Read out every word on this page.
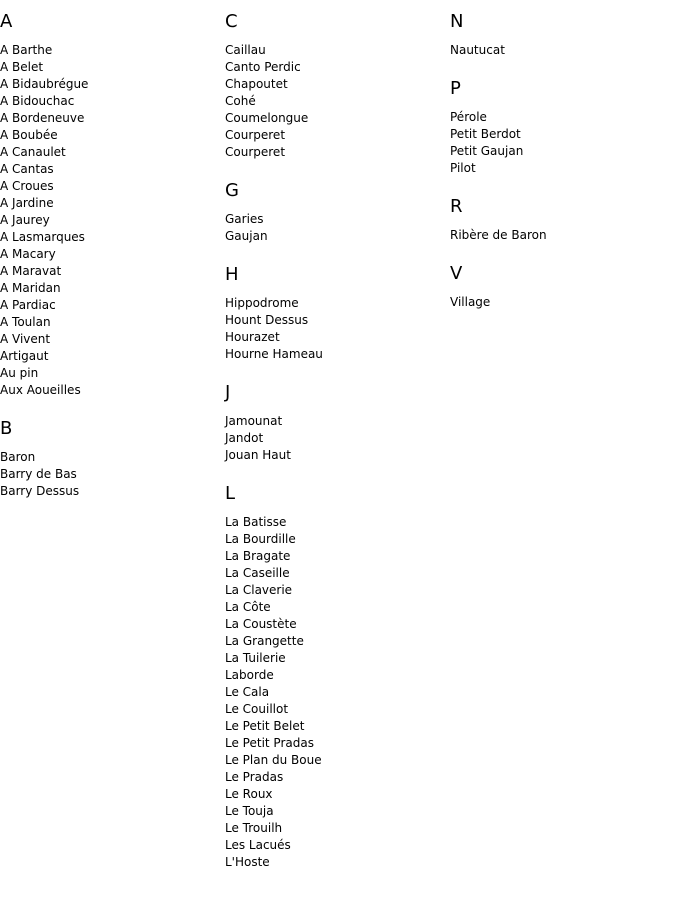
A
A Barthe
A Belet
A Bidaubrégue
A Bidouchac
A Bordeneuve
A Boubée
A Canaulet
A Cantas
A Croues
A Jardine
A Jaurey
A Lasmarques
A Macary
A Maravat
A Maridan
A Pardiac
A Toulan
A Vivent
Artigaut
Au pin
Aux Aoueilles
B
Baron
Barry de Bas
Barry Dessus
C
Caillau
Canto Perdic
Chapoutet
Cohé
Coumelongue
Courperet
Courperet
G
Garies
Gaujan
H
Hippodrome
Hount Dessus
Hourazet
Hourne Hameau
J
Jamounat
Jandot
Jouan Haut
L
La Batisse
La Bourdille
La Bragate
La Caseille
La Claverie
La Côte
La Coustète
La Grangette
La Tuilerie
Laborde
Le Cala
Le Couillot
Le Petit Belet
Le Petit Pradas
Le Plan du Boue
Le Pradas
Le Roux
Le Touja
Le Trouilh
Les Lacués
L'Hoste
N
Nautucat
P
Pérole
Petit Berdot
Petit Gaujan
Pilot
R
Ribère de Baron
V
Village
